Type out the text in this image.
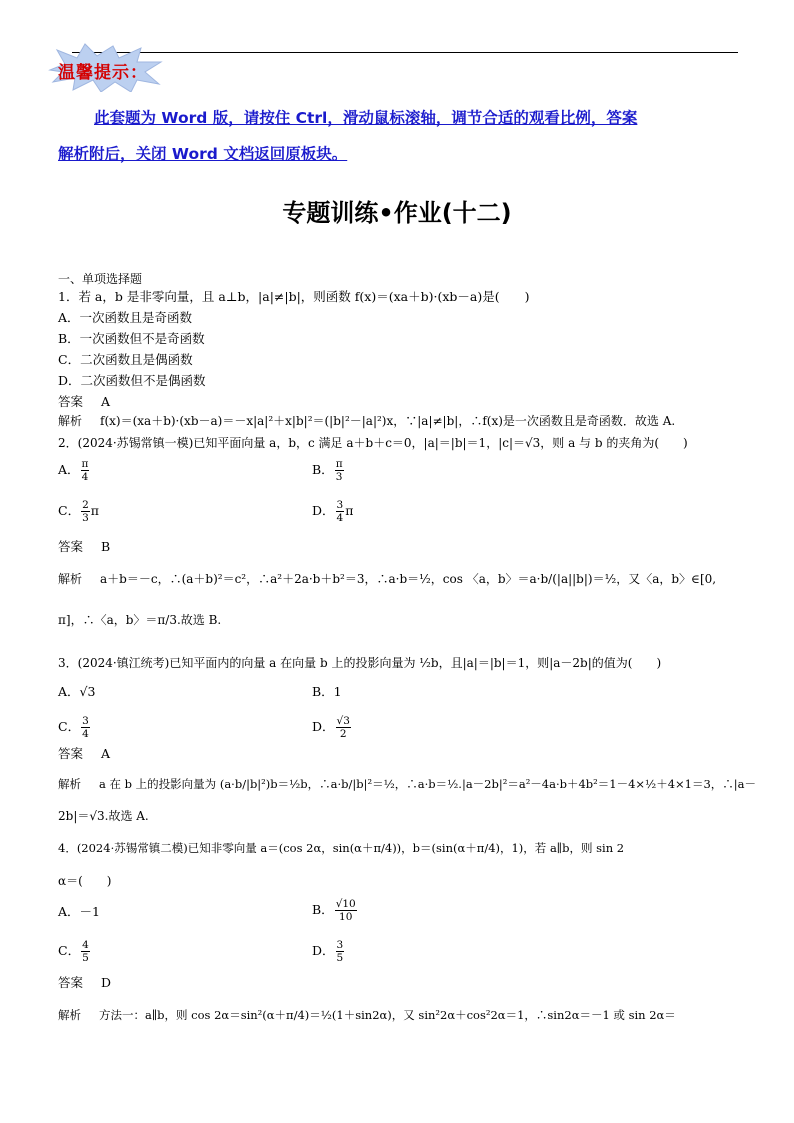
温馨提示：
此套题为 Word 版，请按住 Ctrl，滑动鼠标滚轴，调节合适的观看比例，答案
解析附后，关闭 Word 文档返回原板块。
专题训练•作业(十二)
一、单项选择题
1．若 a，b 是非零向量，且 a⊥b，|a|≠|b|，则函数 f(x)＝(xa＋b)·(xb－a)是(　　)
A．一次函数且是奇函数
B．一次函数但不是奇函数
C．二次函数且是偶函数
D．二次函数但不是偶函数
答案 A
解析 f(x)＝(xa＋b)·(xb－a)＝－x|a|²＋x|b|²＝(|b|²－|a|²)x，∵|a|≠|b|，∴f(x)是一次函数且是奇函数．故选 A.
2．(2024·苏锡常镇一模)已知平面向量 a，b，c 满足 a＋b＋c＝0，|a|＝|b|＝1，|c|＝√3，则 a 与 b 的夹角为(　　)
A． $\frac{\pi}{4}$	B． $\frac{\pi}{3}$
C． $\frac{2}{3}$ π	D． $\frac{3}{4}$ π
答案 B
解析 a＋b＝－c，∴(a＋b)²＝c²，∴a²＋2a·b＋b²＝3，∴a·b＝½，cos 〈a，b〉＝a·b/(|a||b|)＝½，又〈a，b〉∈[0,
π]，∴〈a，b〉＝π/3.故选 B.
3．(2024·镇江统考)已知平面内的向量 a 在向量 b 上的投影向量为 ½b，且|a|＝|b|＝1，则|a－2b|的值为(　　)
A．√3	B．1
C． $\frac{3}{4}$	D． $\frac{√3}{2}$
答案 A
解析 a 在 b 上的投影向量为 (a·b/|b|²)b＝½b，∴a·b/|b|²＝½，∴a·b＝½.|a－2b|²＝a²－4a·b＋4b²＝1－4×½＋4×1＝3，∴|a－
2b|＝√3.故选 A.
4．(2024·苏锡常镇二模)已知非零向量 a＝(cos 2α，sin(α＋π/4))，b＝(sin(α＋π/4)，1)，若 a∥b，则 sin 2
α＝(　　)
A．－1	B． $\frac{√10}{10}$
C． $\frac{4}{5}$	D． $\frac{3}{5}$
答案 D
解析 方法一：a∥b，则 cos 2α＝sin²(α＋π/4)＝½(1＋sin2α)，又 sin²2α＋cos²2α＝1，∴sin2α＝－1 或 sin 2α＝
